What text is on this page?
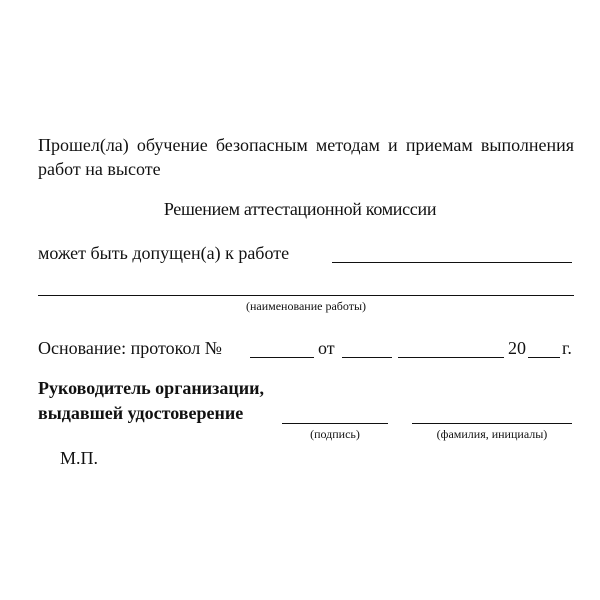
Прошел(ла) обучение безопасным методам и приемам выполнения работ на высоте
Решением аттестационной комиссии
может быть допущен(а) к работе
(наименование работы)
Основание: протокол №	от	20 г.
Руководитель организации,
выдавшей удостоверение
(подпись)	(фамилия, инициалы)
М.П.
